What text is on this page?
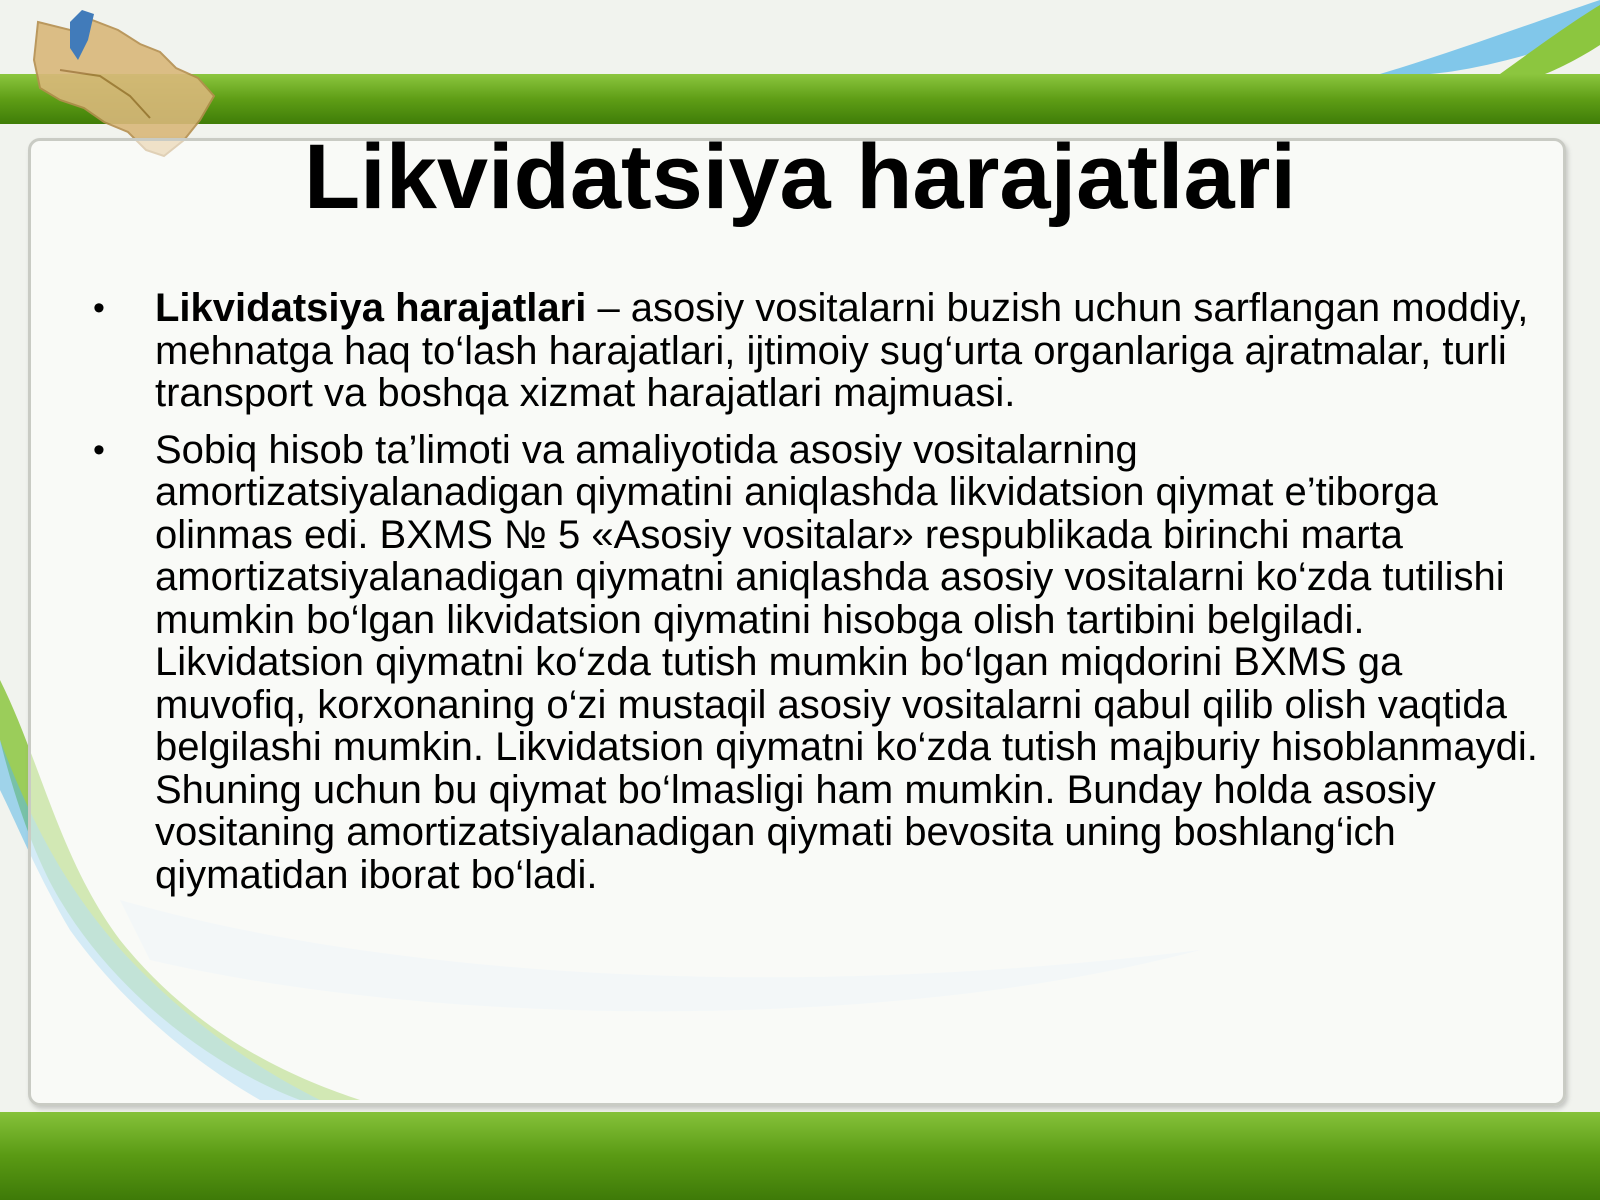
Likvidatsiya harajatlari
• Likvidatsiya harajatlari – asosiy vositalarni buzish uchun sarflangan moddiy, mehnatga haq to‘lash harajatlari, ijtimoiy sug‘urta organlariga ajratmalar, turli transport va boshqa xizmat harajatlari majmuasi.
• Sobiq hisob ta’limoti va amaliyotida asosiy vositalarning amortizatsiyalanadigan qiymatini aniqlashda likvidatsion qiymat e’tiborga olinmas edi. BXMS № 5 «Asosiy vositalar» respublikada birinchi marta amortizatsiyalanadigan qiymatni aniqlashda asosiy vositalarni ko‘zda tutilishi mumkin bo‘lgan likvidatsion qiymatini hisobga olish tartibini belgiladi. Likvidatsion qiymatni ko‘zda tutish mumkin bo‘lgan miqdorini BXMS ga muvofiq, korxonaning o‘zi mustaqil asosiy vositalarni qabul qilib olish vaqtida belgilashi mumkin. Likvidatsion qiymatni ko‘zda tutish majburiy hisoblanmaydi. Shuning uchun bu qiymat bo‘lmasligi ham mumkin. Bunday holda asosiy vositaning amortizatsiyalanadigan qiymati bevosita uning boshlang‘ich qiymatidan iborat bo‘ladi.
